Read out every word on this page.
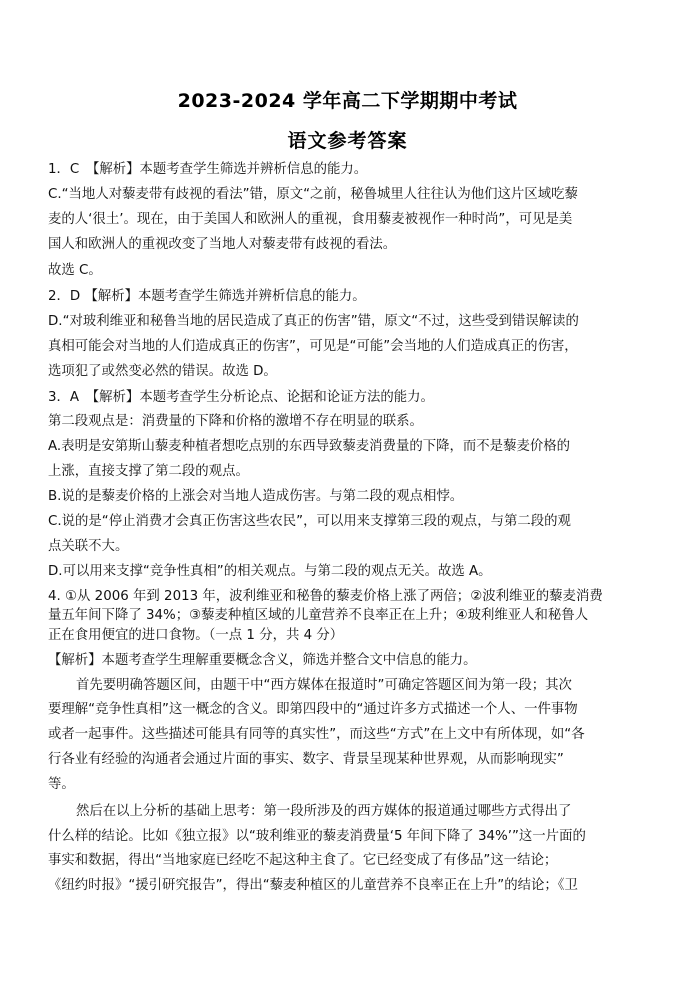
2023-2024 学年高二下学期期中考试
语文参考答案
1．C　【解析】本题考查学生筛选并辨析信息的能力。
C.“当地人对藜麦带有歧视的看法”错，原文“之前，秘鲁城里人往往认为他们这片区域吃藜
麦的人‘很土’。现在，由于美国人和欧洲人的重视，食用藜麦被视作一种时尚”，可见是美
国人和欧洲人的重视改变了当地人对藜麦带有歧视的看法。
故选 C。
2．D 【解析】本题考查学生筛选并辨析信息的能力。
D.“对玻利维亚和秘鲁当地的居民造成了真正的伤害”错，原文“不过，这些受到错误解读的
真相可能会对当地的人们造成真正的伤害”，可见是“可能”会当地的人们造成真正的伤害，
选项犯了或然变必然的错误。故选 D。
3．A　【解析】本题考查学生分析论点、论据和论证方法的能力。
第二段观点是：消费量的下降和价格的激增不存在明显的联系。
A.表明是安第斯山藜麦种植者想吃点别的东西导致藜麦消费量的下降，而不是藜麦价格的
上涨，直接支撑了第二段的观点。
B.说的是藜麦价格的上涨会对当地人造成伤害。与第二段的观点相悖。
C.说的是“停止消费才会真正伤害这些农民”，可以用来支撑第三段的观点，与第二段的观
点关联不大。
D.可以用来支撑“竞争性真相”的相关观点。与第二段的观点无关。故选 A。
4. ①从 2006 年到 2013 年，波利维亚和秘鲁的藜麦价格上涨了两倍；②波利维亚的藜麦消费
量五年间下降了 34%；③藜麦种植区域的儿童营养不良率正在上升；④玻利维亚人和秘鲁人
正在食用便宜的进口食物。（一点 1 分，共 4 分）
【解析】本题考查学生理解重要概念含义，筛选并整合文中信息的能力。
首先要明确答题区间，由题干中“西方媒体在报道时”可确定答题区间为第一段；其次
要理解“竞争性真相”这一概念的含义。即第四段中的“通过许多方式描述一个人、一件事物
或者一起事件。这些描述可能具有同等的真实性”，而这些“方式”在上文中有所体现，如“各
行各业有经验的沟通者会通过片面的事实、数字、背景呈现某种世界观，从而影响现实”
等。
然后在以上分析的基础上思考：第一段所涉及的西方媒体的报道通过哪些方式得出了
什么样的结论。比如《独立报》以“玻利维亚的藜麦消费量‘5 年间下降了 34%’”这一片面的
事实和数据，得出“当地家庭已经吃不起这种主食了。它已经变成了有侈品”这一结论；
《纽约时报》“援引研究报告”，得出“藜麦种植区的儿童营养不良率正在上升”的结论；《卫
